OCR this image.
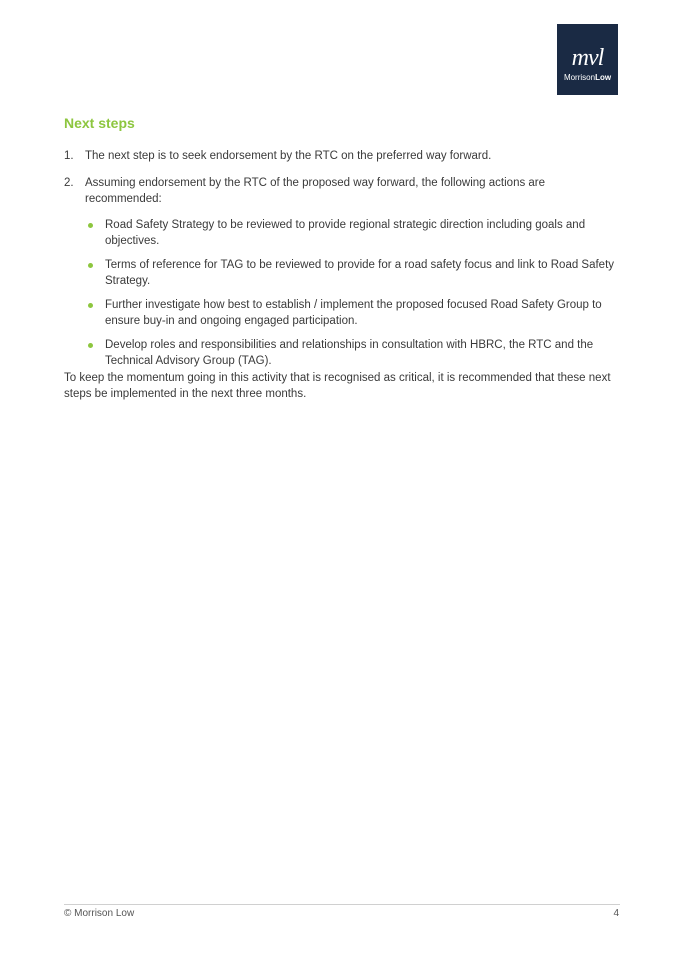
mvl
MorrisonLow
Next steps
1. The next step is to seek endorsement by the RTC on the preferred way forward.
2. Assuming endorsement by the RTC of the proposed way forward, the following actions are recommended:
Road Safety Strategy to be reviewed to provide regional strategic direction including goals and objectives.
Terms of reference for TAG to be reviewed to provide for a road safety focus and link to Road Safety Strategy.
Further investigate how best to establish / implement the proposed focused Road Safety Group to ensure buy-in and ongoing engaged participation.
Develop roles and responsibilities and relationships in consultation with HBRC, the RTC and the Technical Advisory Group (TAG).

To keep the momentum going in this activity that is recognised as critical, it is recommended that these next steps be implemented in the next three months.

© Morrison Low	4
